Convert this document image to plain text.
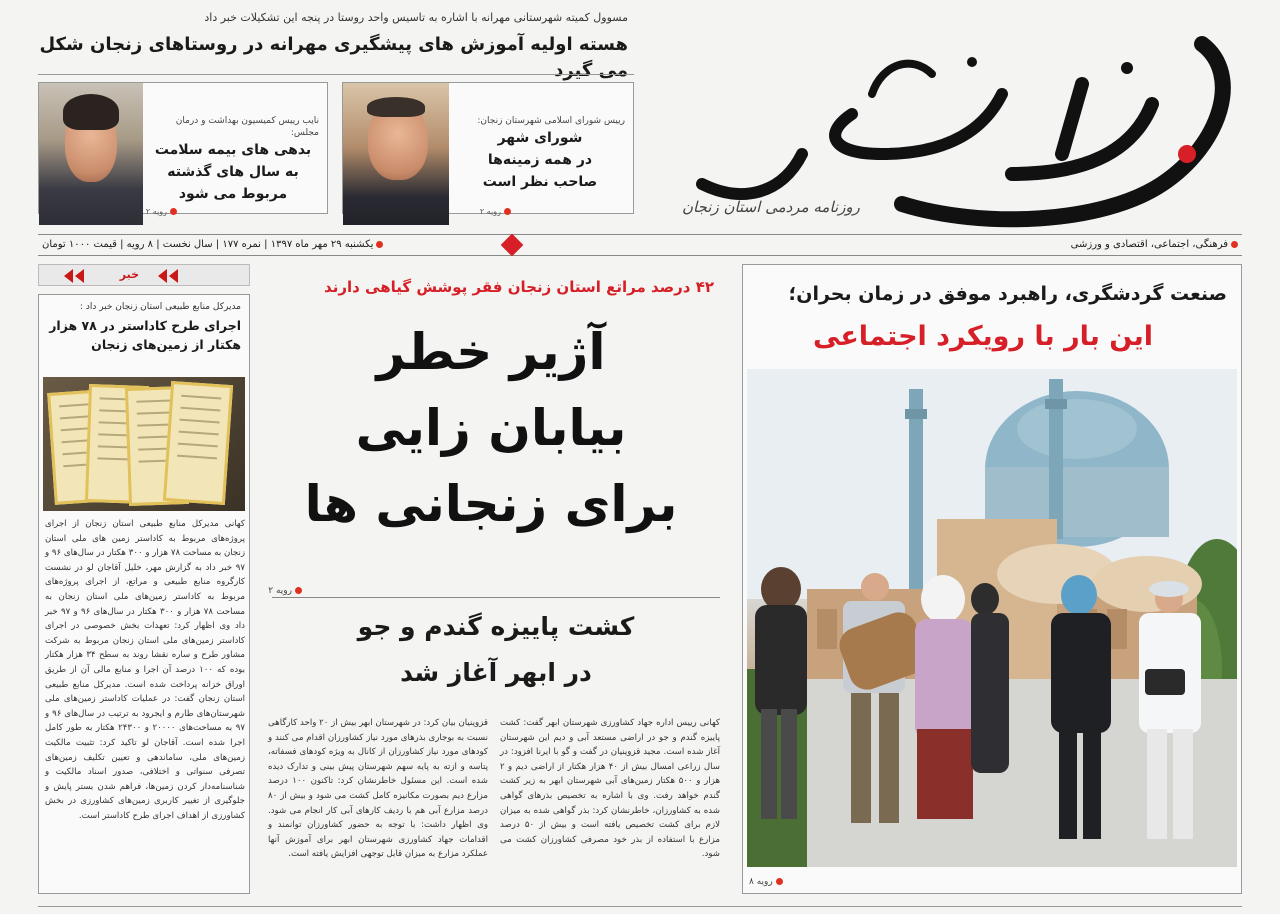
مسوول کمیته شهرستانی مهرانه با اشاره به تاسیس واحد روستا در پنجه این تشکیلات خبر داد
هسته اولیه آموزش های پیشگیری مهرانه در روستاهای زنجان شکل می گیرد
رییس شورای اسلامی شهرستان زنجان:
شورای شهر
در همه زمینه‌ها
صاحب نظر است
رویه ۲
نایب رییس کمیسیون بهداشت و درمان مجلس:
بدهی های بیمه سلامت
به سال های گذشته
مربوط می شود
رویه ۲	روزنامه مردمی استان زنجان
فرهنگی، اجتماعی، اقتصادی و ورزشی
یکشنبه ۲۹ مهر ماه ۱۳۹۷ | نمره ۱۷۷ | سال نخست | ۸ رویه | قیمت ۱۰۰۰ تومان
خبر
مدیرکل منابع طبیعی استان زنجان خبر داد :
اجرای طرح کاداستر در ۷۸ هزار هکتار از زمین‌های زنجان
کهانی مدیرکل منابع طبیعی استان زنجان از اجرای پروژه‌های مربوط به کاداستر زمین های ملی استان زنجان به مساحت ۷۸ هزار و ۳۰۰ هکتار در سال‌های ۹۶ و ۹۷ خبر داد به گزارش مهر، خلیل آقاجان لو در نشست کارگروه منابع طبیعی و مراتع، از اجرای پروژه‌های مربوط به کاداستر زمین‌های ملی استان زنجان به مساحت ۷۸ هزار و ۳۰۰ هکتار در سال‌های ۹۶ و ۹۷ خبر داد وی اظهار کرد: تعهدات بخش خصوصی در اجرای کاداستر زمین‌های ملی استان زنجان مربوط به شرکت مشاور طرح و ساره نقشا روند به سطح ۳۴ هزار هکتار بوده که ۱۰۰ درصد آن اجرا و منابع مالی آن از طریق اوراق خزانه پرداخت شده است. مدیرکل منابع طبیعی استان زنجان گفت: در عملیات کاداستر زمین‌های ملی شهرستان‌های طارم و ایجرود به ترتیب در سال‌های ۹۶ و ۹۷ به مساحت‌های ۲۰۰۰۰ و ۲۴۳۰۰ هکتار به طور کامل اجرا شده است. آقاجان لو تاکید کرد: تثبیت مالکیت زمین‌های ملی، ساماندهی و تعیین تکلیف زمین‌های تصرفی سنواتی و اختلافی، صدور اسناد مالکیت و شناسنامه‌دار کردن زمین‌ها، فراهم شدن بستر پایش و جلوگیری از تغییر کاربری زمین‌های کشاورزی در بخش کشاورزی از اهداف اجرای طرح کاداستر است.
۴۲ درصد مراتع استان زنجان فقر پوشش گیاهی دارند
آژیر خطر
بیابان زایی
برای زنجانی ها
رویه ۲
کشت پاییزه گندم و جو
در ابهر آغاز شد
کهانی رییس اداره جهاد کشاورزی شهرستان ابهر گفت: کشت پاییزه گندم و جو در اراضی مستعد آبی و دیم این شهرستان آغاز شده است. مجید قزوینیان در گفت و گو با ایرنا افزود: در سال زراعی امسال بیش از ۴۰ هزار هکتار از اراضی دیم و ۲ هزار و ۵۰۰ هکتار زمین‌های آبی شهرستان ابهر به زیر کشت گندم خواهد رفت. وی با اشاره به تخصیص بذرهای گواهی شده به کشاورزان، خاطرنشان کرد: بذر گواهی شده به میزان لازم برای کشت تخصیص یافته است و بیش از ۵۰ درصد مزارع با استفاده از بذر خود مصرفی کشاورزان کشت می شود.
قزوینیان بیان کرد: در شهرستان ابهر بیش از ۲۰ واحد کارگاهی نسبت به بوجاری بذرهای مورد نیاز کشاورزان اقدام می کنند و کودهای مورد نیاز کشاورزان از کانال به ویژه کودهای فسفاته، پتاسه و ازته به پایه سهم شهرستان پیش بینی و تدارک دیده شده است. این مسئول خاطرنشان کرد: تاکنون ۱۰۰ درصد مزارع دیم بصورت مکانیزه کامل کشت می شود و بیش از ۸۰ درصد مزارع آبی هم با ردیف کارهای آبی کار انجام می شود. وی اظهار داشت: با توجه به حضور کشاورزان توانمند و اقدامات جهاد کشاورزی شهرستان ابهر برای آموزش آنها عملکرد مزارع به میزان قابل توجهی افزایش یافته است.
صنعت گردشگری، راهبرد موفق در زمان بحران؛
این بار با رویکرد اجتماعی
رویه ۸
